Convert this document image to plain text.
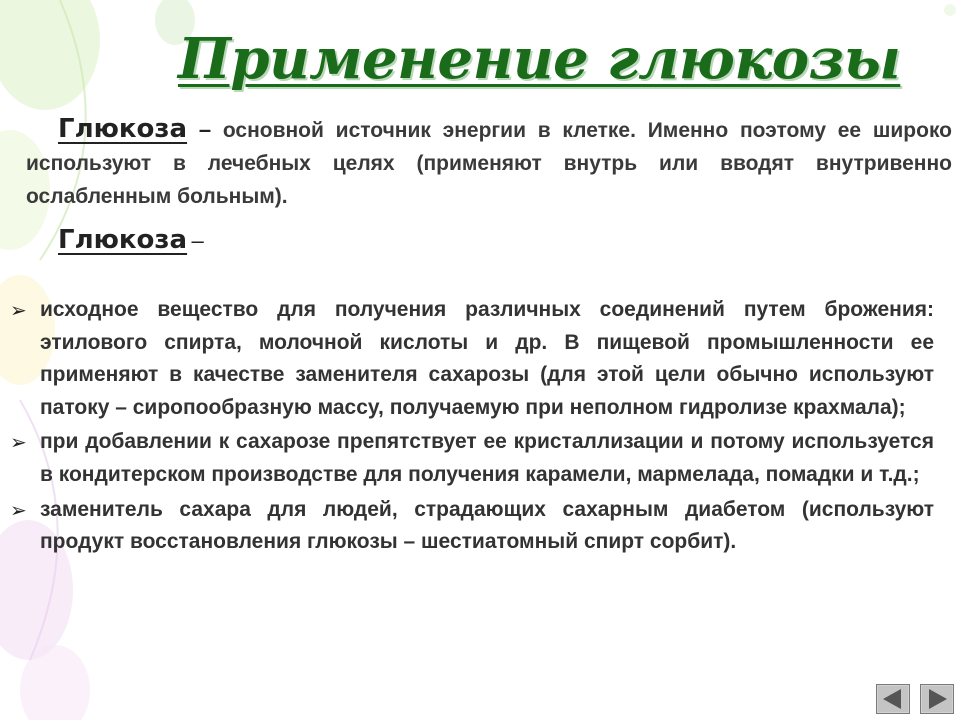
Применение глюкозы

Глюкоза – основной источник энергии в клетке. Именно поэтому ее широко используют в лечебных целях (применяют внутрь или вводят внутривенно ослабленным больным).

Глюкоза –
➢ исходное вещество для получения различных соединений путем брожения: этилового спирта, молочной кислоты и др. В пищевой промышленности ее применяют в качестве заменителя сахарозы (для этой цели обычно используют патоку – сиропообразную массу, получаемую при неполном гидролизе крахмала);
➢ при добавлении к сахарозе препятствует ее кристаллизации и потому используется в кондитерском производстве для получения карамели, мармелада, помадки и т.д.;
➢ заменитель сахара для людей, страдающих сахарным диабетом (используют продукт восстановления глюкозы – шестиатомный спирт сорбит).
